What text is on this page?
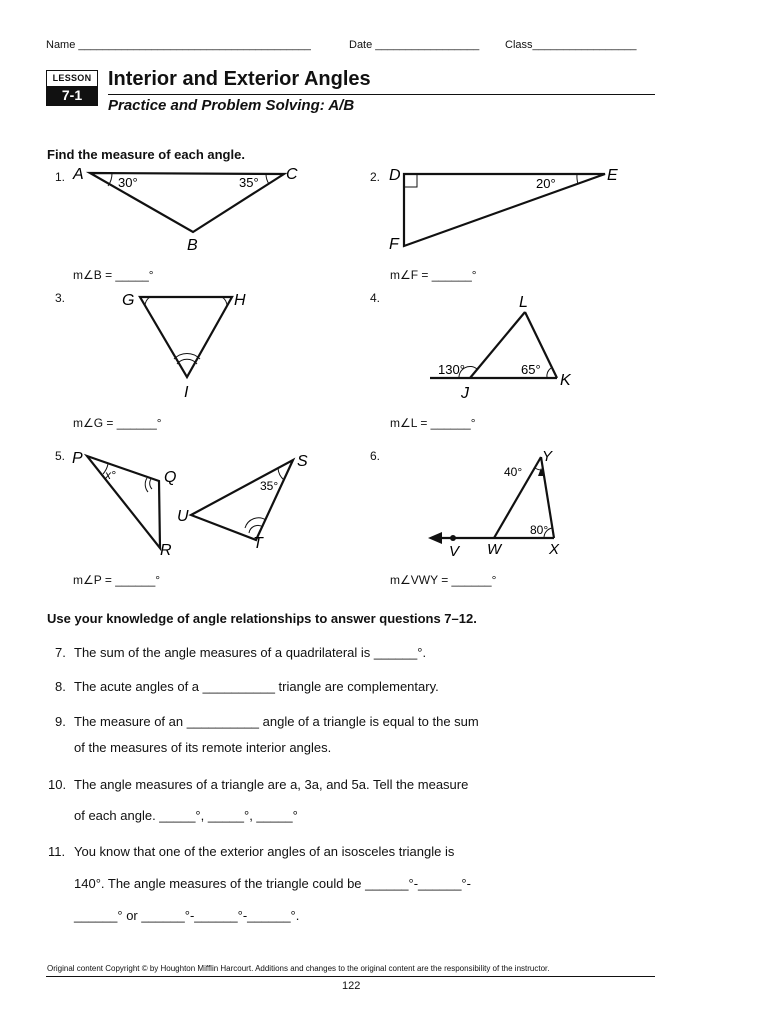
Name ______________________________________	Date _________________ Class_________________
LESSON
7-1
Interior and Exterior Angles
Practice and Problem Solving: A/B
Find the measure of each angle.
1. A	C
B
30°	35°
m∠B = _____°
2. D	E
F
20°
m∠F = ______°
3.	G	H
I
m∠G = ______°
4.	L
J
K
130°	65°
m∠L = ______°
5. P
Q
R
S
U
T
x°
35°
m∠P = ______°
6.	Y
V W	X
40°
80°
m∠VWY = ______°
Use your knowledge of angle relationships to answer questions 7–12.
7. The sum of the angle measures of a quadrilateral is ______°.
8. The acute angles of a __________ triangle are complementary.
9. The measure of an __________ angle of a triangle is equal to the sum
of the measures of its remote interior angles.
10. The angle measures of a triangle are a, 3a, and 5a. Tell the measure
of each angle. _____°, _____°, _____°
11. You know that one of the exterior angles of an isosceles triangle is
140°. The angle measures of the triangle could be ______°-______°-
______° or ______°-______°-______°.
Original content Copyright © by Houghton Mifflin Harcourt. Additions and changes to the original content are the responsibility of the instructor.
122
